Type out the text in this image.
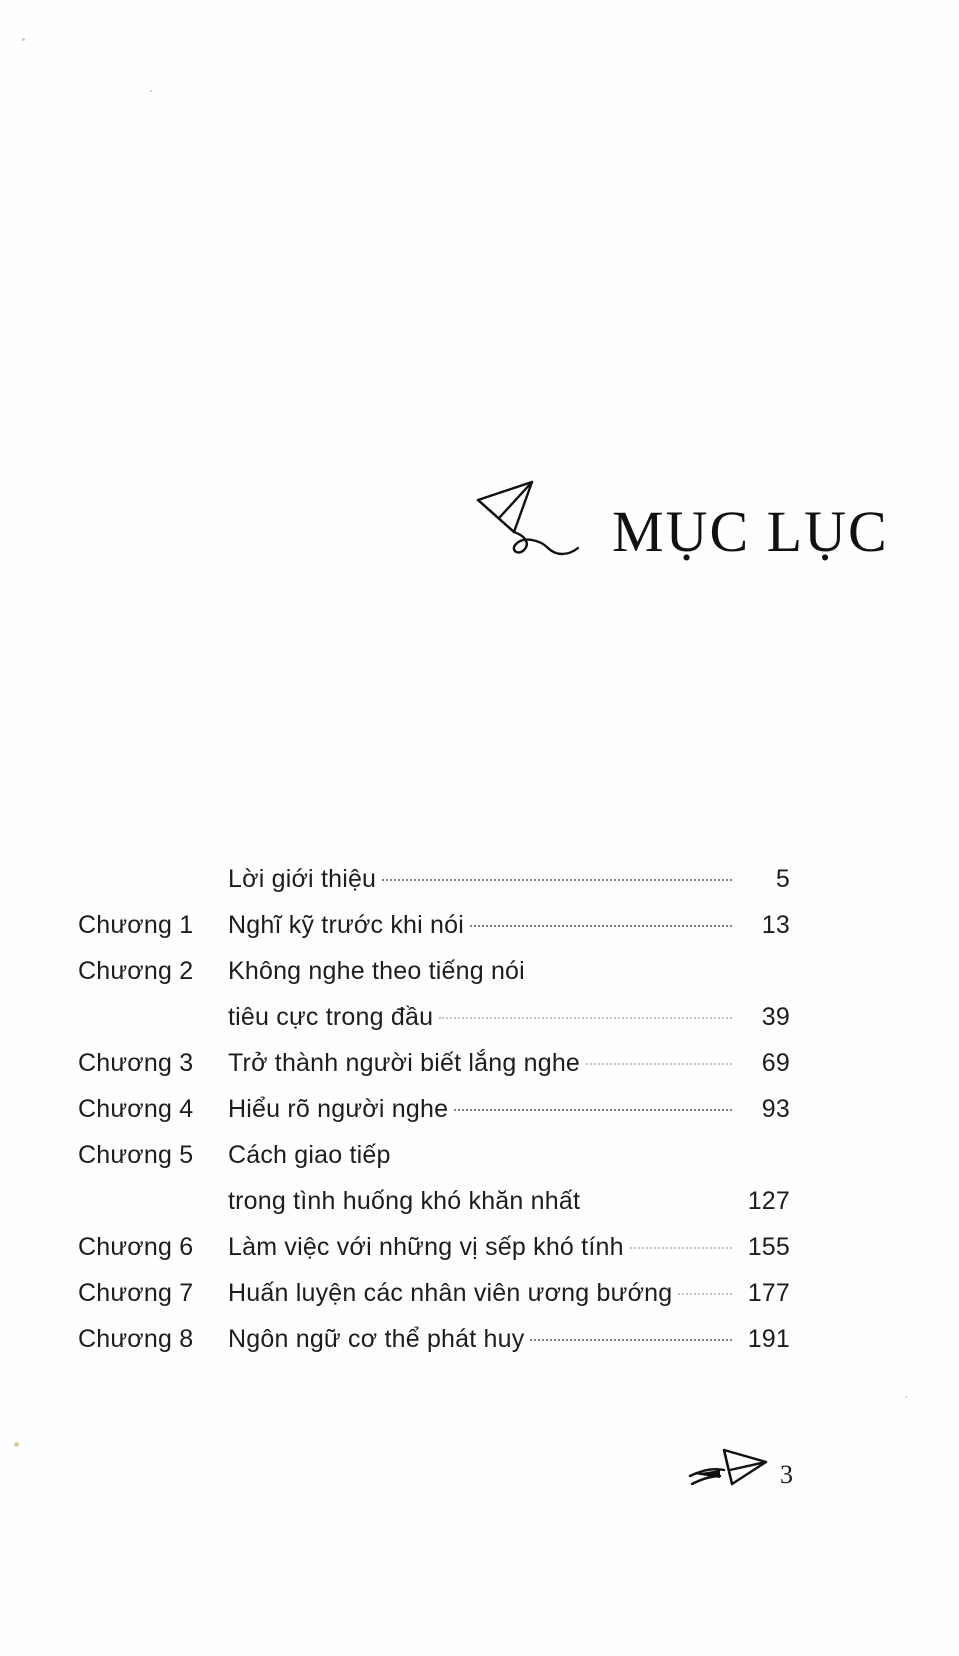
MỤC LỤC
Lời giới thiệu	5
Chương 1	Nghĩ kỹ trước khi nói	13
Chương 2	Không nghe theo tiếng nói
tiêu cực trong đầu	39
Chương 3	Trở thành người biết lắng nghe	69
Chương 4	Hiểu rõ người nghe	93
Chương 5	Cách giao tiếp
trong tình huống khó khăn nhất	127
Chương 6	Làm việc với những vị sếp khó tính	155
Chương 7	Huấn luyện các nhân viên ương bướng	177
Chương 8	Ngôn ngữ cơ thể phát huy	191
3
